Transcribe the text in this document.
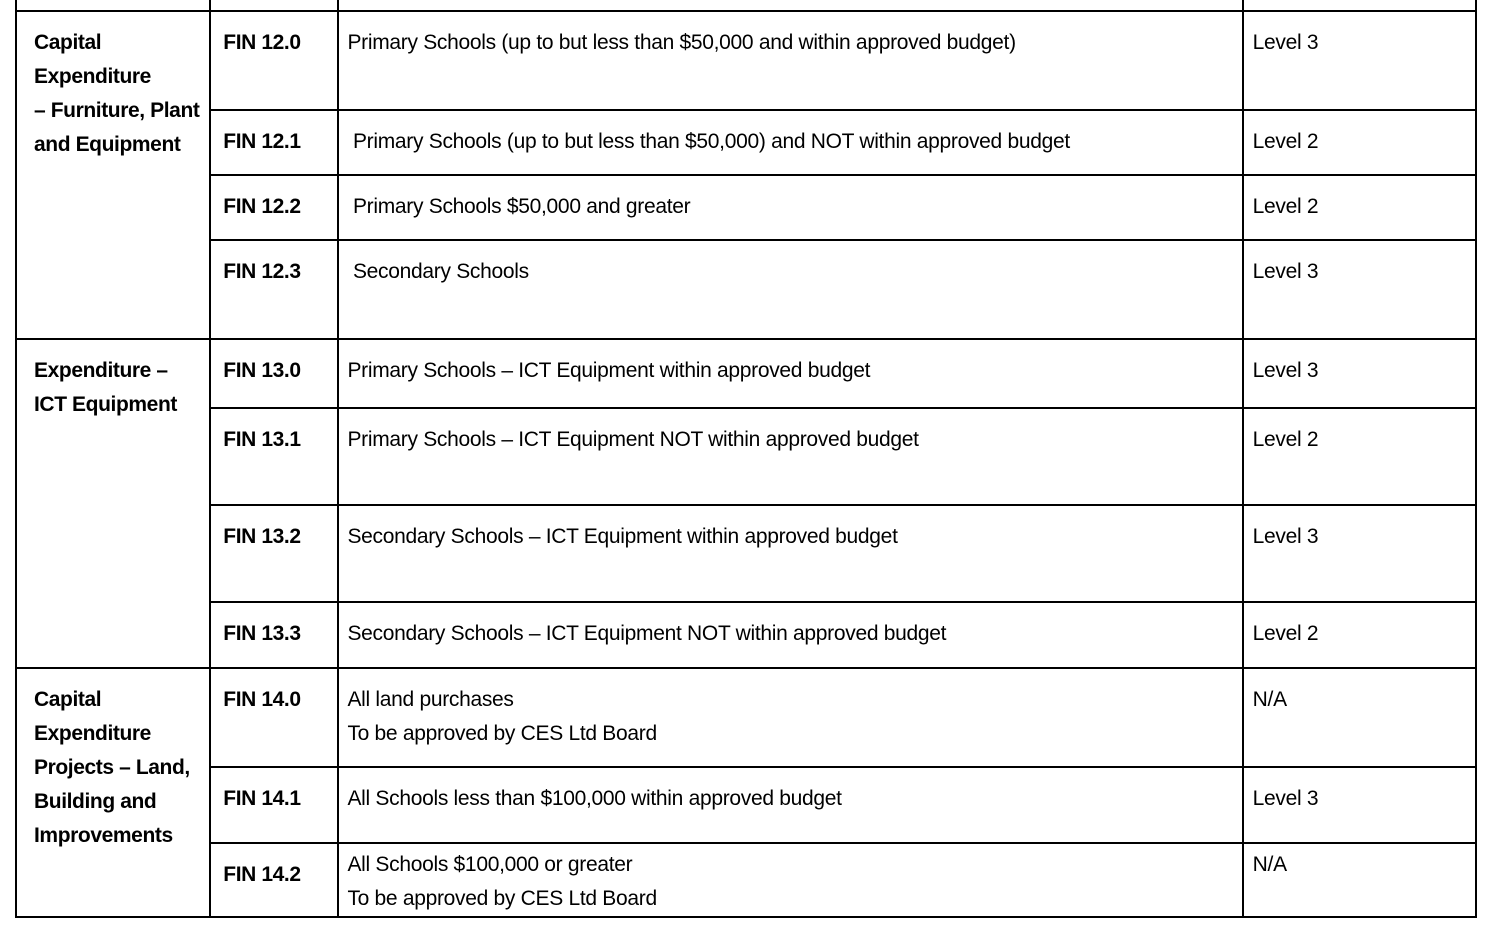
Capital Expenditure
– Furniture, Plant
and Equipment	FIN 12.0	Primary Schools (up to but less than $50,000 and within approved budget)	Level 3

	FIN 12.1	Primary Schools (up to but less than $50,000) and NOT within approved budget	Level 2

	FIN 12.2	Primary Schools $50,000 and greater	Level 2

	FIN 12.3	Secondary Schools	Level 3

Expenditure –
ICT Equipment	FIN 13.0	Primary Schools – ICT Equipment within approved budget	Level 3

	FIN 13.1	Primary Schools – ICT Equipment NOT within approved budget	Level 2

	FIN 13.2	Secondary Schools – ICT Equipment within approved budget	Level 3

	FIN 13.3	Secondary Schools – ICT Equipment NOT within approved budget	Level 2

Capital
Expenditure
Projects – Land,
Building and
Improvements	FIN 14.0	All land purchases
To be approved by CES Ltd Board	N/A

	FIN 14.1	All Schools less than $100,000 within approved budget	Level 3

	FIN 14.2	All Schools $100,000 or greater
To be approved by CES Ltd Board	N/A
